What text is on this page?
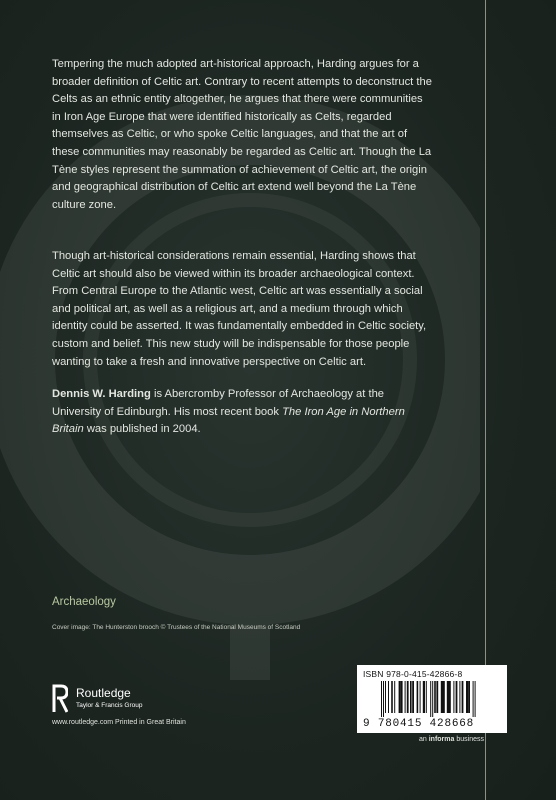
Tempering the much adopted art-historical approach, Harding argues for a broader definition of Celtic art. Contrary to recent attempts to deconstruct the Celts as an ethnic entity altogether, he argues that there were communities in Iron Age Europe that were identified historically as Celts, regarded themselves as Celtic, or who spoke Celtic languages, and that the art of these communities may reasonably be regarded as Celtic art. Though the La Tène styles represent the summation of achievement of Celtic art, the origin and geographical distribution of Celtic art extend well beyond the La Tène culture zone.

Though art-historical considerations remain essential, Harding shows that Celtic art should also be viewed within its broader archaeological context. From Central Europe to the Atlantic west, Celtic art was essentially a social and political art, as well as a religious art, and a medium through which identity could be asserted. It was fundamentally embedded in Celtic society, custom and belief. This new study will be indispensable for those people wanting to take a fresh and innovative perspective on Celtic art.

Dennis W. Harding is Abercromby Professor of Archaeology at the University of Edinburgh. His most recent book The Iron Age in Northern Britain was published in 2004.

Archaeology
Cover image: The Hunterston brooch © Trustees of the National Museums of Scotland
ISBN 978-0-415-42866-8
9 780415 428668
Routledge
Taylor & Francis Group
www.routledge.com Printed in Great Britain
an informa business
